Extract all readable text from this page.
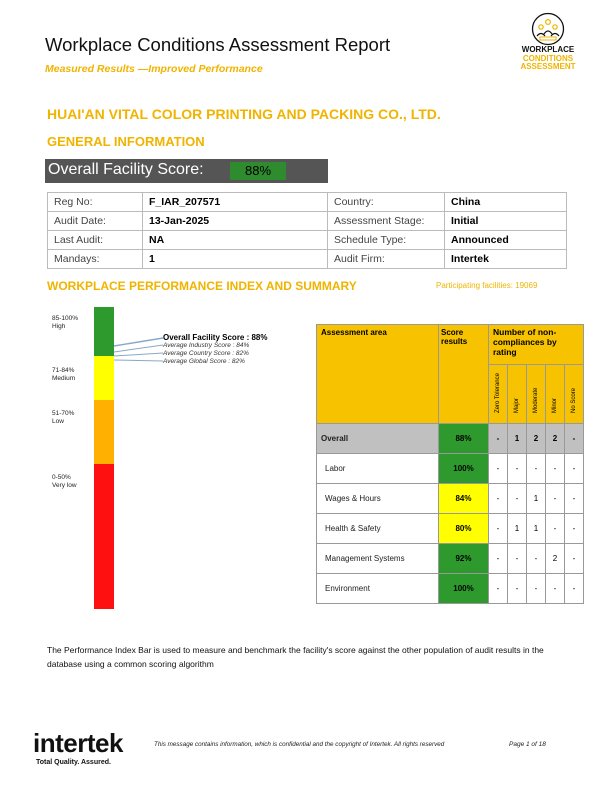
Workplace Conditions Assessment Report
Measured Results —Improved Performance
WORKPLACE
CONDITIONS
ASSESSMENT
HUAI'AN VITAL COLOR PRINTING AND PACKING CO., LTD.
GENERAL INFORMATION
Overall Facility Score:	88%
Reg No:	F_IAR_207571	Country:	China
Audit Date:	13-Jan-2025	Assessment Stage:	Initial
Last Audit:	NA	Schedule Type:	Announced
Mandays:	1	Audit Firm:	Intertek
WORKPLACE PERFORMANCE INDEX AND SUMMARY	Participating facilities: 19069
85-100%
High
71-84%
Medium
51-70%
Low
0-50%
Very low
Overall Facility Score : 88%
Average Industry Score : 84%
Average Country Score : 82%
Average Global Score : 82%
Assessment area	Score results	Number of non-compliances by rating				

		Zero Tolerance	Major	Moderate	Minor	No Score

Overall	88%	-	1	2	2	-
Labor	100%	-	-	-	-	-
Wages & Hours	84%	-	-	1	-	-
Health & Safety	80%	-	1	1	-	-
Management Systems	92%	-	-	-	2	-
Environment	100%	-	-	-	-	-
The Performance Index Bar is used to measure and benchmark the facility's score against the other population of audit results in the database using a common scoring algorithm
intertek
Total Quality. Assured.
This message contains information, which is confidential and the copyright of Intertek. All rights reserved	Page 1 of 18
